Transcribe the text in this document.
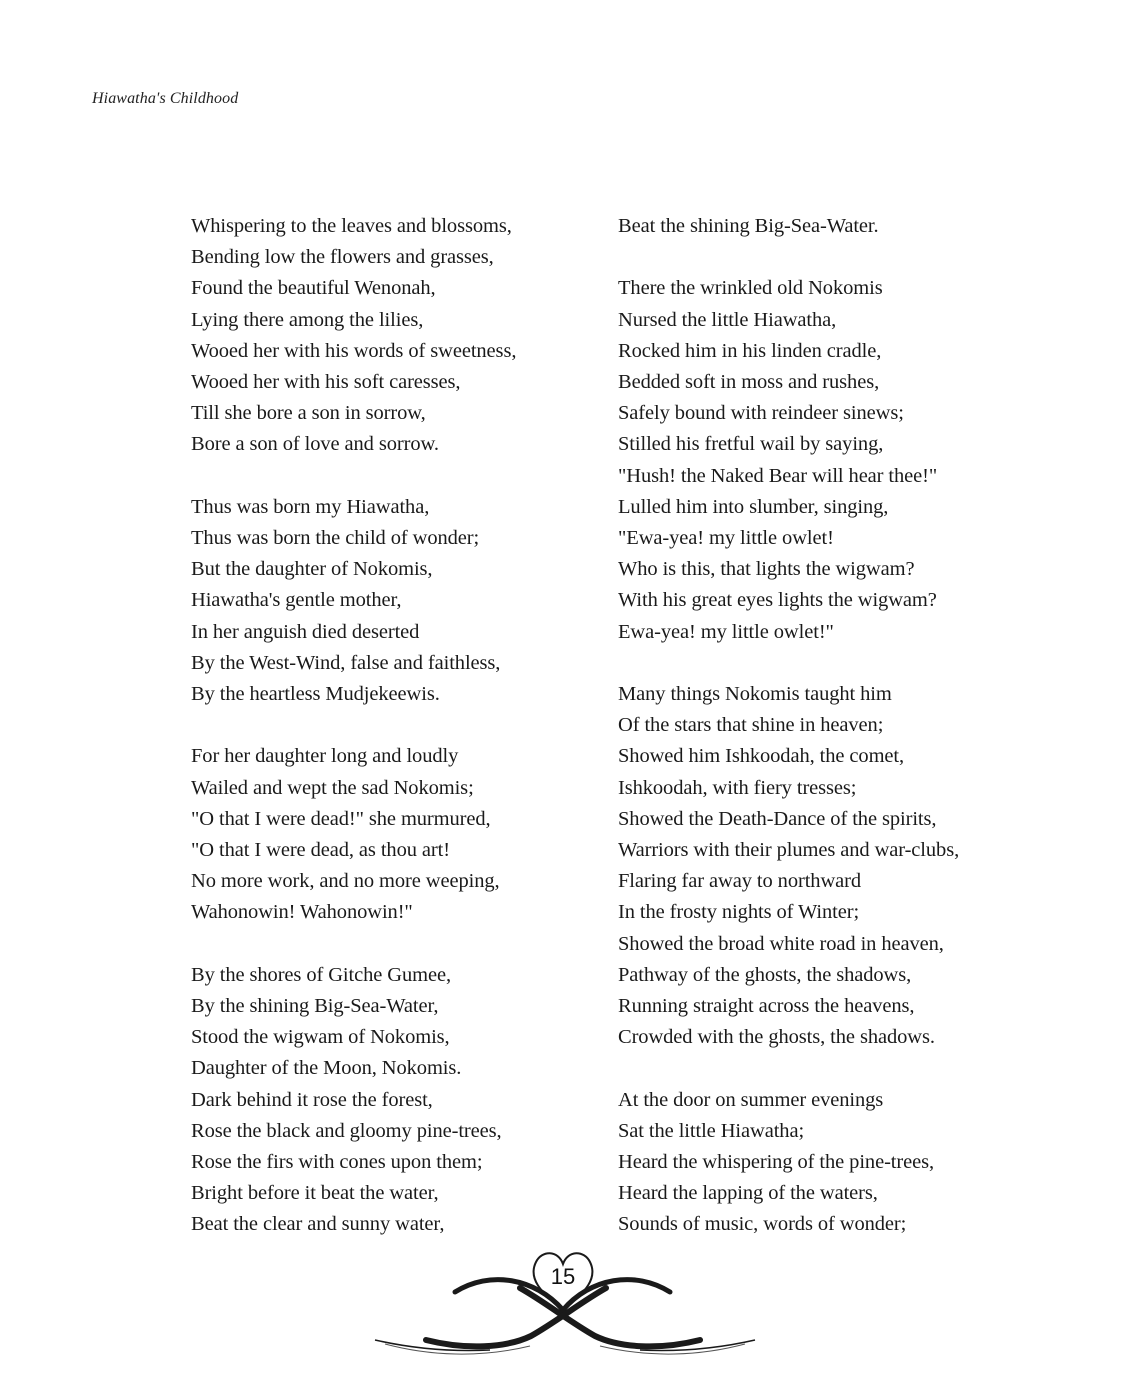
Hiawatha's Childhood
Whispering to the leaves and blossoms,
Bending low the flowers and grasses,
Found the beautiful Wenonah,
Lying there among the lilies,
Wooed her with his words of sweetness,
Wooed her with his soft caresses,
Till she bore a son in sorrow,
Bore a son of love and sorrow.
Thus was born my Hiawatha,
Thus was born the child of wonder;
But the daughter of Nokomis,
Hiawatha's gentle mother,
In her anguish died deserted
By the West-Wind, false and faithless,
By the heartless Mudjekeewis.
For her daughter long and loudly
Wailed and wept the sad Nokomis;
"O that I were dead!" she murmured,
"O that I were dead, as thou art!
No more work, and no more weeping,
Wahonowin! Wahonowin!"
By the shores of Gitche Gumee,
By the shining Big-Sea-Water,
Stood the wigwam of Nokomis,
Daughter of the Moon, Nokomis.
Dark behind it rose the forest,
Rose the black and gloomy pine-trees,
Rose the firs with cones upon them;
Bright before it beat the water,
Beat the clear and sunny water,
Beat the shining Big-Sea-Water.
There the wrinkled old Nokomis
Nursed the little Hiawatha,
Rocked him in his linden cradle,
Bedded soft in moss and rushes,
Safely bound with reindeer sinews;
Stilled his fretful wail by saying,
"Hush! the Naked Bear will hear thee!"
Lulled him into slumber, singing,
"Ewa-yea! my little owlet!
Who is this, that lights the wigwam?
With his great eyes lights the wigwam?
Ewa-yea! my little owlet!"
Many things Nokomis taught him
Of the stars that shine in heaven;
Showed him Ishkoodah, the comet,
Ishkoodah, with fiery tresses;
Showed the Death-Dance of the spirits,
Warriors with their plumes and war-clubs,
Flaring far away to northward
In the frosty nights of Winter;
Showed the broad white road in heaven,
Pathway of the ghosts, the shadows,
Running straight across the heavens,
Crowded with the ghosts, the shadows.
At the door on summer evenings
Sat the little Hiawatha;
Heard the whispering of the pine-trees,
Heard the lapping of the waters,
Sounds of music, words of wonder;
15
